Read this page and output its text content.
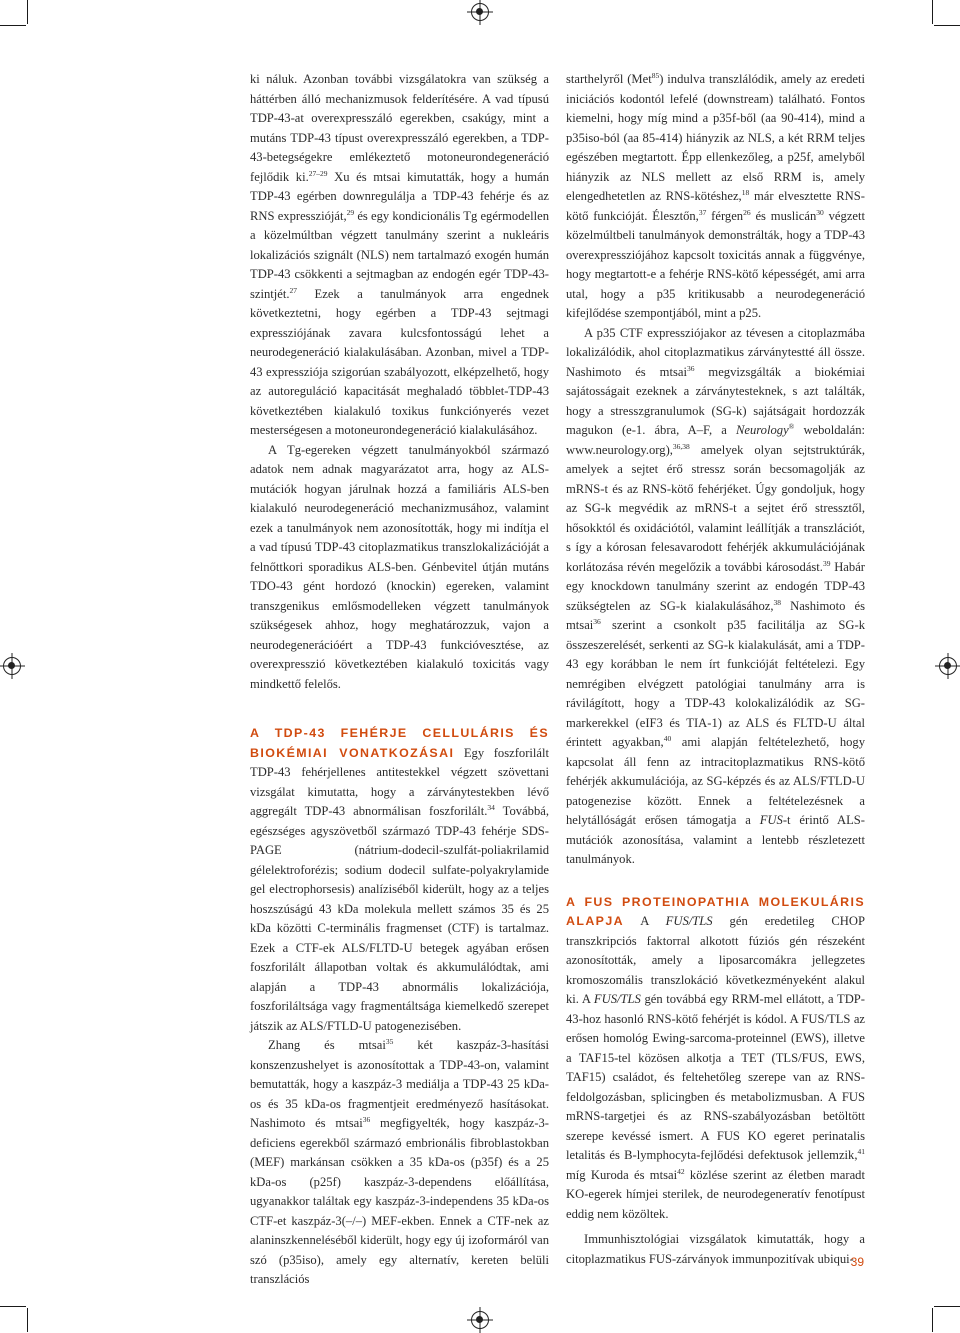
ki náluk. Azonban további vizsgálatokra van szükség a háttérben álló mechanizmusok felderítésére. A vad típusú TDP-43-at overexpresszáló egerekben, csakúgy, mint a mutáns TDP-43 típust overexpresszáló egerekben, a TDP-43-betegségekre emlékeztető motoneurondegeneráció fejlődik ki.$^{27-29}$ Xu és mtsai kimutatták, hogy a humán TDP-43 egérben downregulálja a TDP-43 fehérje és az RNS expresszióját,$^{29}$ és egy kondicionális Tg egérmodellen a közelmúltban végzett tanulmány szerint a nukleáris lokalizációs szignált (NLS) nem tartalmazó exogén humán TDP-43 csökkenti a sejtmagban az endogén egér TDP-43-szintjét.$^{27}$ Ezek a tanulmányok arra engednek következtetni, hogy egérben a TDP-43 sejtmagi expressziójának zavara kulcsfontosságú lehet a neurodegeneráció kialakulásában. Azonban, mivel a TDP-43 expressziója szigorúan szabályozott, elképzelhető, hogy az autoreguláció kapacitását meghaladó többlet-TDP-43 következtében kialakuló toxikus funkciónyerés vezet mesterségesen a motoneurondegeneráció kialakulásához.

A Tg-egereken végzett tanulmányokból származó adatok nem adnak magyarázatot arra, hogy az ALS-mutációk hogyan járulnak hozzá a familiáris ALS-ben kialakuló neurodegeneráció mechanizmusához, valamint ezek a tanulmányok nem azonosították, hogy mi indítja el a vad típusú TDP-43 citoplazmatikus transzlokalizációját a felnőttkori sporadikus ALS-ben. Génbevitel útján mutáns TDO-43 gént hordozó (knockin) egereken, valamint transzgenikus emlősmodelleken végzett tanulmányok szükségesek ahhoz, hogy meghatározzuk, vajon a neurodegenerációért a TDP-43 funkcióvesztése, az overexpresszió következtében kialakuló toxicitás vagy mindkettő felelős.

A TDP-43 FEHÉRJE CELLULÁRIS ÉS BIOKÉMIAI VONATKOZÁSAI Egy foszforilált TDP-43 fehérjellenes antitestekkel végzett szövettani vizsgálat kimutatta, hogy a zárványtestekben lévő aggregált TDP-43 abnormálisan foszforilált.$^{34}$ Továbbá, egészséges agyszövetből származó TDP-43 fehérje SDS-PAGE (nátrium-dodecil-szulfát-poliakrilamid gélelektroforézis; sodium dodecil sulfate-polyakrylamide gel electrophorsesis) analíziséből kiderült, hogy az a teljes hoszszúságú 43 kDa molekula mellett számos 35 és 25 kDa közötti C-terminális fragmenset (CTF) is tartalmaz. Ezek a CTF-ek ALS/FLTD-U betegek agyában erősen foszforilált állapotban voltak és akkumulálódtak, ami alapján a TDP-43 abnormális lokalizációja, foszforiláltsága vagy fragmentáltsága kiemelkedő szerepet játszik az ALS/FTLD-U patogenezisében.

Zhang és mtsai$^{35}$ két kaszpáz-3-hasítási konszenzushelyet is azonosítottak a TDP-43-on, valamint bemutatták, hogy a kaszpáz-3 mediálja a TDP-43 25 kDa-os és 35 kDa-os fragmentjeit eredményező hasításokat. Nashimoto és mtsai$^{36}$ megfigyelték, hogy kaszpáz-3-deficiens egerekből származó embrionális fibroblastokban (MEF) markánsan csökken a 35 kDa-os (p35f) és a 25 kDa-os (p25f) kaszpáz-3-dependens előállítása, ugyanakkor találtak egy kaszpáz-3-independens 35 kDa-os CTF-et kaszpáz-3(–/–) MEF-ekben. Ennek a CTF-nek az alaninszkenneléséből kiderült, hogy egy új izoformáról van szó (p35iso), amely egy alternatív, kereten belüli transzlációs

starthelyről (Met$^{85}$) indulva transzlálódik, amely az eredeti iniciációs kodontól lefelé (downstream) található. Fontos kiemelni, hogy míg mind a p35f-ből (aa 90-414), mind a p35iso-ból (aa 85-414) hiányzik az NLS, a két RRM teljes egészében megtartott. Épp ellenkezőleg, a p25f, amelyből hiányzik az NLS mellett az első RRM is, amely elengedhetetlen az RNS-kötéshez,$^{18}$ már elvesztette RNS-kötő funkcióját. Élesztőn,$^{37}$ férgen$^{26}$ és muslicán$^{30}$ végzett közelmúltbeli tanulmányok demonstrálták, hogy a TDP-43 overexpressziójához kapcsolt toxicitás annak a függvénye, hogy megtartott-e a fehérje RNS-kötő képességét, ami arra utal, hogy a p35 kritikusabb a neurodegeneráció kifejlődése szempontjából, mint a p25.

A p35 CTF expressziójakor az tévesen a citoplazmába lokalizálódik, ahol citoplazmatikus zárványtestté áll össze. Nashimoto és mtsai$^{36}$ megvizsgálták a biokémiai sajátosságait ezeknek a zárványtesteknek, s azt találták, hogy a stresszgranulumok (SG-k) sajátságait hordozzák magukon (e-1. ábra, A–F, a Neurology® weboldalán: www.neurology.org),$^{36,38}$ amelyek olyan sejtstruktúrák, amelyek a sejtet érő stressz során becsomagolják az mRNS-t és az RNS-kötő fehérjéket. Úgy gondoljuk, hogy az SG-k megvédik az mRNS-t a sejtet érő stressztől, hősokktól és oxidációtól, valamint leállítják a transzlációt, s így a kórosan felesavarodott fehérjék akkumulációjának korlátozása révén megelőzik a további károsodást.$^{39}$ Habár egy knockdown tanulmány szerint az endogén TDP-43 szükségtelen az SG-k kialakulásához,$^{38}$ Nashimoto és mtsai$^{36}$ szerint a csonkolt p35 facilitálja az SG-k összeszerelését, serkenti az SG-k kialakulását, ami a TDP-43 egy korábban le nem írt funkcióját feltételezi. Egy nemrégiben elvégzett patológiai tanulmány arra is rávilágított, hogy a TDP-43 kolokalizálódik az SG-markerekkel (eIF3 és TIA-1) az ALS és FLTD-U által érintett agyakban,$^{40}$ ami alapján feltételezhető, hogy kapcsolat áll fenn az intracitoplazmatikus RNS-kötő fehérjék akkumulációja, az SG-képzés és az ALS/FTLD-U patogenezise között. Ennek a feltételezésnek a helytállóságát erősen támogatja a FUS-t érintő ALS-mutációk azonosítása, valamint a lentebb részletezett tanulmányok.

A FUS PROTEINOPATHIA MOLEKULÁRIS ALAPJA A FUS/TLS gén eredetileg CHOP transzkripciós faktorral alkotott fúziós gén részeként azonosították, amely a liposarcomákra jellegzetes kromoszomális transzlokáció következményeként alakul ki. A FUS/TLS gén továbbá egy RRM-mel ellátott, a TDP-43-hoz hasonló RNS-kötő fehérjét is kódol. A FUS/TLS az erősen homológ Ewing-sarcoma-proteinnel (EWS), illetve a TAF15-tel közösen alkotja a TET (TLS/FUS, EWS, TAF15) családot, és feltehetőleg szerepe van az RNS-feldolgozásban, splicingben és metabolizmusban. A FUS mRNS-targetjei és az RNS-szabályozásban betöltött szerepe kevéssé ismert. A FUS KO egeret perinatalis letalitás és B-lymphocyta-fejlődési defektusok jellemzik,$^{41}$ míg Kuroda és mtsai$^{42}$ közlése szerint az életben maradt KO-egerek hímjei sterilek, de neurodegeneratív fenotípust eddig nem közöltek.

Immunhisztológiai vizsgálatok kimutatták, hogy a citoplazmatikus FUS-zárványok immunpozitívak ubiqui-

39
